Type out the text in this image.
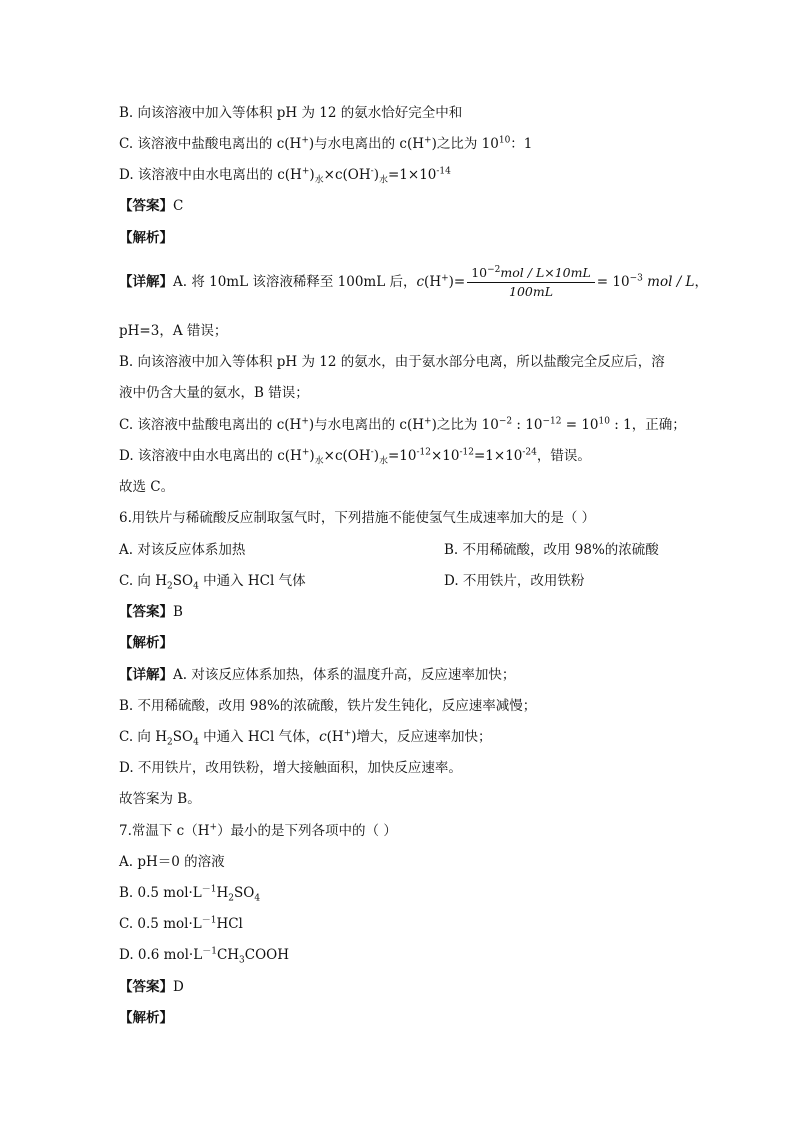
B. 向该溶液中加入等体积 pH 为 12 的氨水恰好完全中和
C. 该溶液中盐酸电离出的 c(H+)与水电离出的 c(H+)之比为 $10^{10}$：1
D. 该溶液中由水电离出的 $c(H^+)_水\times c(OH^-)_水=1\times 10^{-14}$
【答案】C
【解析】
【详解】A. 将 10mL 该溶液稀释至 100mL 后，$c(H^+)= \frac{10^{-2}mol / L\times 10mL}{100mL} = 10^{-3}$ mol / L，
pH=3，A 错误；
B. 向该溶液中加入等体积 pH 为 12 的氨水，由于氨水部分电离，所以盐酸完全反应后，溶
液中仍含大量的氨水，B 错误；
C. 该溶液中盐酸电离出的 c(H+)与水电离出的 c(H+)之比为 $10^{-2}$ : $10^{-12} = 10^{10}$ : 1，正确；
D. 该溶液中由水电离出的 $c(H^+)_水\times c(OH^-)_水=10^{-12}\times 10^{-12}=1\times 10^{-24}$，错误。
故选 C。
6.用铁片与稀硫酸反应制取氢气时，下列措施不能使氢气生成速率加大的是（ ）
A. 对该反应体系加热	B. 不用稀硫酸，改用 98%的浓硫酸
C. 向 $H_2SO_4$ 中通入 HCl 气体	D. 不用铁片，改用铁粉
【答案】B
【解析】
【详解】A. 对该反应体系加热，体系的温度升高，反应速率加快；
B. 不用稀硫酸，改用 98%的浓硫酸，铁片发生钝化，反应速率减慢；
C. 向 $H_2SO_4$ 中通入 HCl 气体，c(H+)增大，反应速率加快；
D. 不用铁片，改用铁粉，增大接触面积，加快反应速率。
故答案为 B。
7.常温下 c（H+）最小的是下列各项中的（ ）
A. pH＝0 的溶液
B. 0.5 $mol\cdot L^{-1}H_2SO_4$
C. 0.5 $mol\cdot L^{-1}HCl$
D. 0.6 $mol\cdot L^{-1}CH_3COOH$
【答案】D
【解析】
